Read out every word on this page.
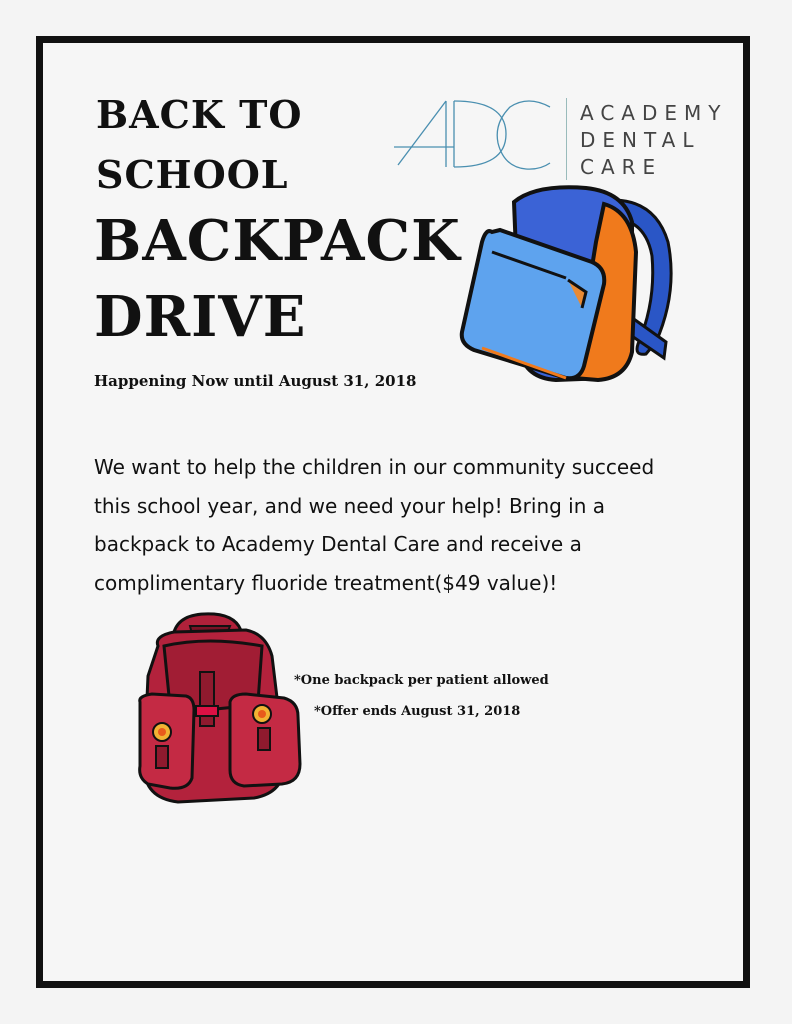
BACK TO
SCHOOL
BACKPACK
DRIVE
Happening Now until August 31, 2018
We want to help the children in our community succeed
this school year, and we need your help! Bring in a
backpack to Academy Dental Care and receive a
complimentary fluoride treatment($49 value)!
*One backpack per patient allowed
*Offer ends August 31, 2018
ADC
ACADEMY
DENTAL
CARE
